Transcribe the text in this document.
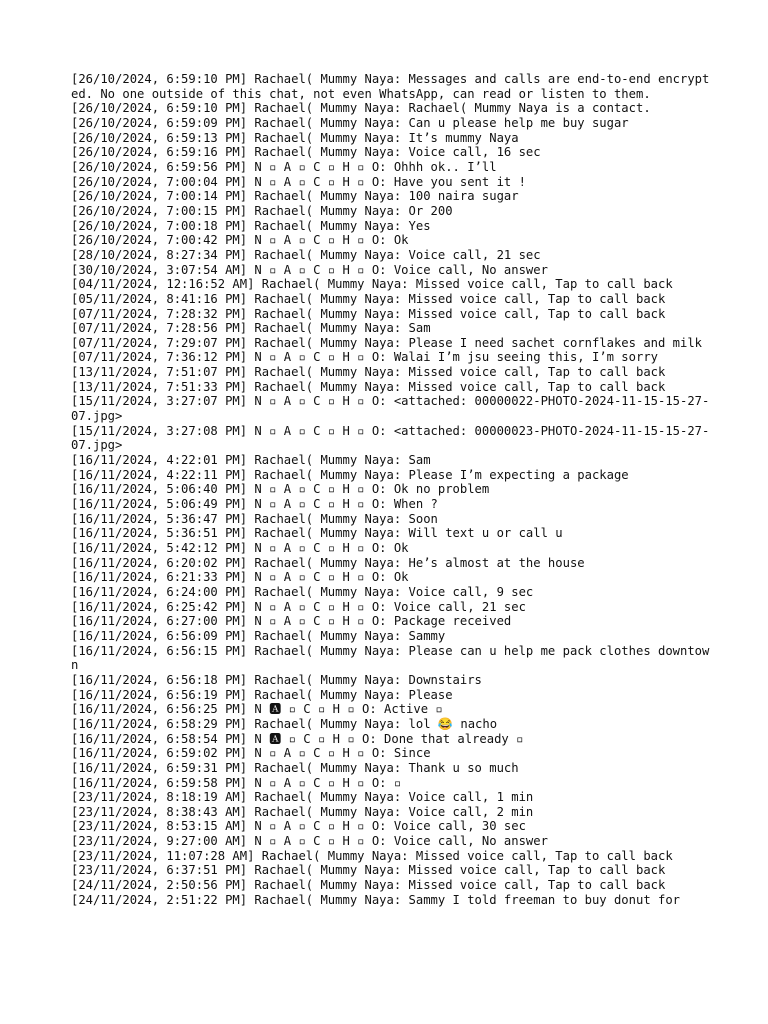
[26/10/2024, 6:59:10 PM] Rachael( Mummy Naya: Messages and calls are end-to-end encrypted. No one outside of this chat, not even WhatsApp, can read or listen to them.
[26/10/2024, 6:59:10 PM] Rachael( Mummy Naya: Rachael( Mummy Naya is a contact.
[26/10/2024, 6:59:09 PM] Rachael( Mummy Naya: Can u please help me buy sugar
[26/10/2024, 6:59:13 PM] Rachael( Mummy Naya: It’s mummy Naya
[26/10/2024, 6:59:16 PM] Rachael( Mummy Naya: Voice call, 16 sec
[26/10/2024, 6:59:56 PM] N ▫ A ▫ C ▫ H ▫ O: Ohhh ok.. I’ll
[26/10/2024, 7:00:04 PM] N ▫ A ▫ C ▫ H ▫ O: Have you sent it !
[26/10/2024, 7:00:14 PM] Rachael( Mummy Naya: 100 naira sugar
[26/10/2024, 7:00:15 PM] Rachael( Mummy Naya: Or 200
[26/10/2024, 7:00:18 PM] Rachael( Mummy Naya: Yes
[26/10/2024, 7:00:42 PM] N ▫ A ▫ C ▫ H ▫ O: Ok
[28/10/2024, 8:27:34 PM] Rachael( Mummy Naya: Voice call, 21 sec
[30/10/2024, 3:07:54 AM] N ▫ A ▫ C ▫ H ▫ O: Voice call, No answer
[04/11/2024, 12:16:52 AM] Rachael( Mummy Naya: Missed voice call, Tap to call back
[05/11/2024, 8:41:16 PM] Rachael( Mummy Naya: Missed voice call, Tap to call back
[07/11/2024, 7:28:32 PM] Rachael( Mummy Naya: Missed voice call, Tap to call back
[07/11/2024, 7:28:56 PM] Rachael( Mummy Naya: Sam
[07/11/2024, 7:29:07 PM] Rachael( Mummy Naya: Please I need sachet cornflakes and milk
[07/11/2024, 7:36:12 PM] N ▫ A ▫ C ▫ H ▫ O: Walai I’m jsu seeing this, I’m sorry
[13/11/2024, 7:51:07 PM] Rachael( Mummy Naya: Missed voice call, Tap to call back
[13/11/2024, 7:51:33 PM] Rachael( Mummy Naya: Missed voice call, Tap to call back
[15/11/2024, 3:27:07 PM] N ▫ A ▫ C ▫ H ▫ O: <attached: 00000022-PHOTO-2024-11-15-15-27-07.jpg>
[15/11/2024, 3:27:08 PM] N ▫ A ▫ C ▫ H ▫ O: <attached: 00000023-PHOTO-2024-11-15-15-27-07.jpg>
[16/11/2024, 4:22:01 PM] Rachael( Mummy Naya: Sam
[16/11/2024, 4:22:11 PM] Rachael( Mummy Naya: Please I’m expecting a package
[16/11/2024, 5:06:40 PM] N ▫ A ▫ C ▫ H ▫ O: Ok no problem
[16/11/2024, 5:06:49 PM] N ▫ A ▫ C ▫ H ▫ O: When ?
[16/11/2024, 5:36:47 PM] Rachael( Mummy Naya: Soon
[16/11/2024, 5:36:51 PM] Rachael( Mummy Naya: Will text u or call u
[16/11/2024, 5:42:12 PM] N ▫ A ▫ C ▫ H ▫ O: Ok
[16/11/2024, 6:20:02 PM] Rachael( Mummy Naya: He’s almost at the house
[16/11/2024, 6:21:33 PM] N ▫ A ▫ C ▫ H ▫ O: Ok
[16/11/2024, 6:24:00 PM] Rachael( Mummy Naya: Voice call, 9 sec
[16/11/2024, 6:25:42 PM] N ▫ A ▫ C ▫ H ▫ O: Voice call, 21 sec
[16/11/2024, 6:27:00 PM] N ▫ A ▫ C ▫ H ▫ O: Package received
[16/11/2024, 6:56:09 PM] Rachael( Mummy Naya: Sammy
[16/11/2024, 6:56:15 PM] Rachael( Mummy Naya: Please can u help me pack clothes downtown
[16/11/2024, 6:56:18 PM] Rachael( Mummy Naya: Downstairs
[16/11/2024, 6:56:19 PM] Rachael( Mummy Naya: Please
[16/11/2024, 6:56:25 PM] N 🅰 ▫ C ▫ H ▫ O: Active ▫
[16/11/2024, 6:58:29 PM] Rachael( Mummy Naya: lol 😂 nacho
[16/11/2024, 6:58:54 PM] N 🅰 ▫ C ▫ H ▫ O: Done that already ▫
[16/11/2024, 6:59:02 PM] N ▫ A ▫ C ▫ H ▫ O: Since
[16/11/2024, 6:59:31 PM] Rachael( Mummy Naya: Thank u so much
[16/11/2024, 6:59:58 PM] N ▫ A ▫ C ▫ H ▫ O: ▫
[23/11/2024, 8:18:19 AM] Rachael( Mummy Naya: Voice call, 1 min
[23/11/2024, 8:38:43 AM] Rachael( Mummy Naya: Voice call, 2 min
[23/11/2024, 8:53:15 AM] N ▫ A ▫ C ▫ H ▫ O: Voice call, 30 sec
[23/11/2024, 9:27:00 AM] N ▫ A ▫ C ▫ H ▫ O: Voice call, No answer
[23/11/2024, 11:07:28 AM] Rachael( Mummy Naya: Missed voice call, Tap to call back
[23/11/2024, 6:37:51 PM] Rachael( Mummy Naya: Missed voice call, Tap to call back
[24/11/2024, 2:50:56 PM] Rachael( Mummy Naya: Missed voice call, Tap to call back
[24/11/2024, 2:51:22 PM] Rachael( Mummy Naya: Sammy I told freeman to buy donut for
